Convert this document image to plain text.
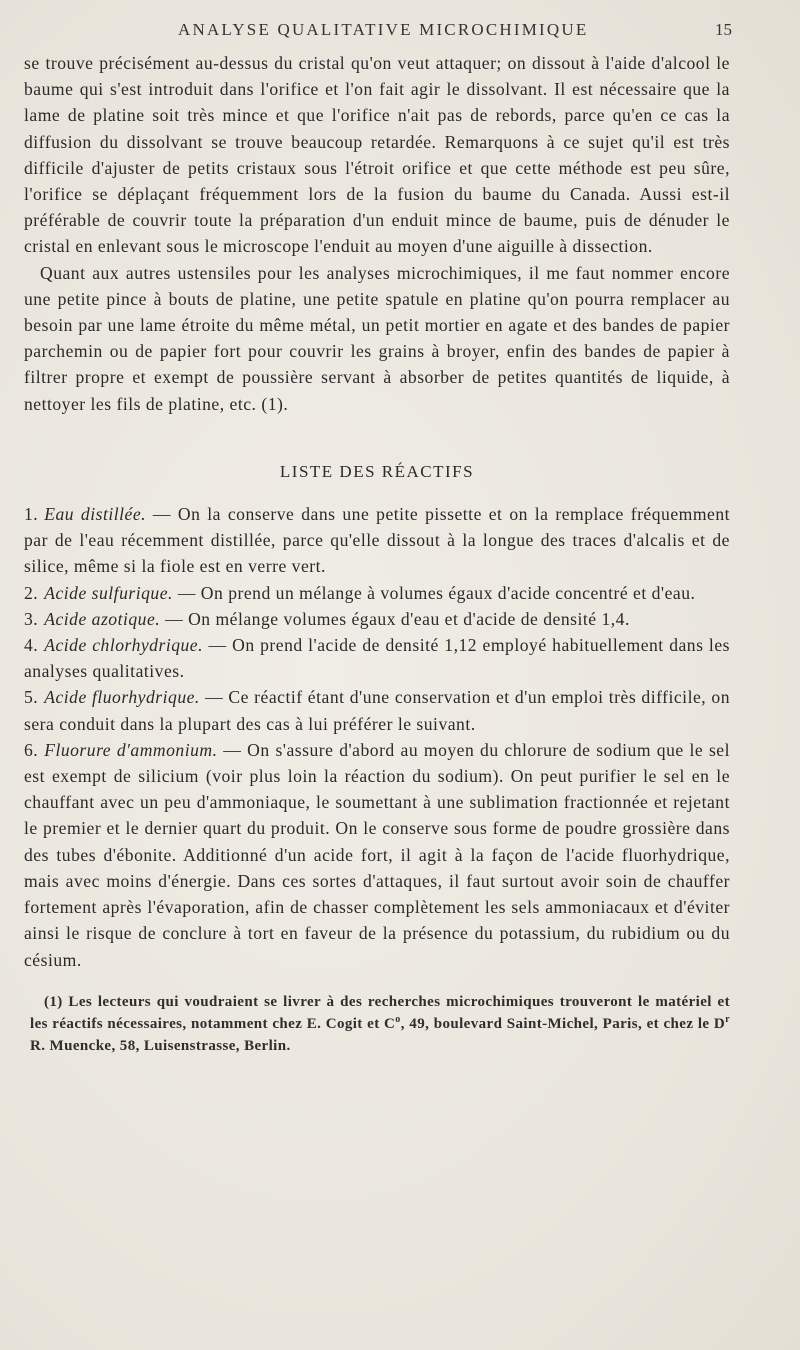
ANALYSE QUALITATIVE MICROCHIMIQUE	15

se trouve précisément au-dessus du cristal qu'on veut attaquer; on dissout à l'aide d'alcool le baume qui s'est introduit dans l'orifice et l'on fait agir le dissolvant. Il est nécessaire que la lame de platine soit très mince et que l'orifice n'ait pas de rebords, parce qu'en ce cas la diffusion du dissolvant se trouve beaucoup retardée. Remarquons à ce sujet qu'il est très difficile d'ajuster de petits cristaux sous l'étroit orifice et que cette méthode est peu sûre, l'orifice se déplaçant fréquemment lors de la fusion du baume du Canada. Aussi est-il préférable de couvrir toute la préparation d'un enduit mince de baume, puis de dénuder le cristal en enlevant sous le microscope l'enduit au moyen d'une aiguille à dissection.

Quant aux autres ustensiles pour les analyses microchimiques, il me faut nommer encore une petite pince à bouts de platine, une petite spatule en platine qu'on pourra remplacer au besoin par une lame étroite du même métal, un petit mortier en agate et des bandes de papier parchemin ou de papier fort pour couvrir les grains à broyer, enfin des bandes de papier à filtrer propre et exempt de poussière servant à absorber de petites quantités de liquide, à nettoyer les fils de platine, etc. (1).

LISTE DES RÉACTIFS

1. Eau distillée. — On la conserve dans une petite pissette et on la remplace fréquemment par de l'eau récemment distillée, parce qu'elle dissout à la longue des traces d'alcalis et de silice, même si la fiole est en verre vert.

2. Acide sulfurique. — On prend un mélange à volumes égaux d'acide concentré et d'eau.

3. Acide azotique. — On mélange volumes égaux d'eau et d'acide de densité 1,4.

4. Acide chlorhydrique. — On prend l'acide de densité 1,12 employé habituellement dans les analyses qualitatives.

5. Acide fluorhydrique. — Ce réactif étant d'une conservation et d'un emploi très difficile, on sera conduit dans la plupart des cas à lui préférer le suivant.

6. Fluorure d'ammonium. — On s'assure d'abord au moyen du chlorure de sodium que le sel est exempt de silicium (voir plus loin la réaction du sodium). On peut purifier le sel en le chauffant avec un peu d'ammoniaque, le soumettant à une sublimation fractionnée et rejetant le premier et le dernier quart du produit. On le conserve sous forme de poudre grossière dans des tubes d'ébonite. Additionné d'un acide fort, il agit à la façon de l'acide fluorhydrique, mais avec moins d'énergie. Dans ces sortes d'attaques, il faut surtout avoir soin de chauffer fortement après l'évaporation, afin de chasser complètement les sels ammoniacaux et d'éviter ainsi le risque de conclure à tort en faveur de la présence du potassium, du rubidium ou du césium.

(1) Les lecteurs qui voudraient se livrer à des recherches microchimiques trouveront le matériel et les réactifs nécessaires, notamment chez E. Cogit et $C^o$, 49, boulevard Saint-Michel, Paris, et chez le $D^r$ R. Muencke, 58, Luisenstrasse, Berlin.
